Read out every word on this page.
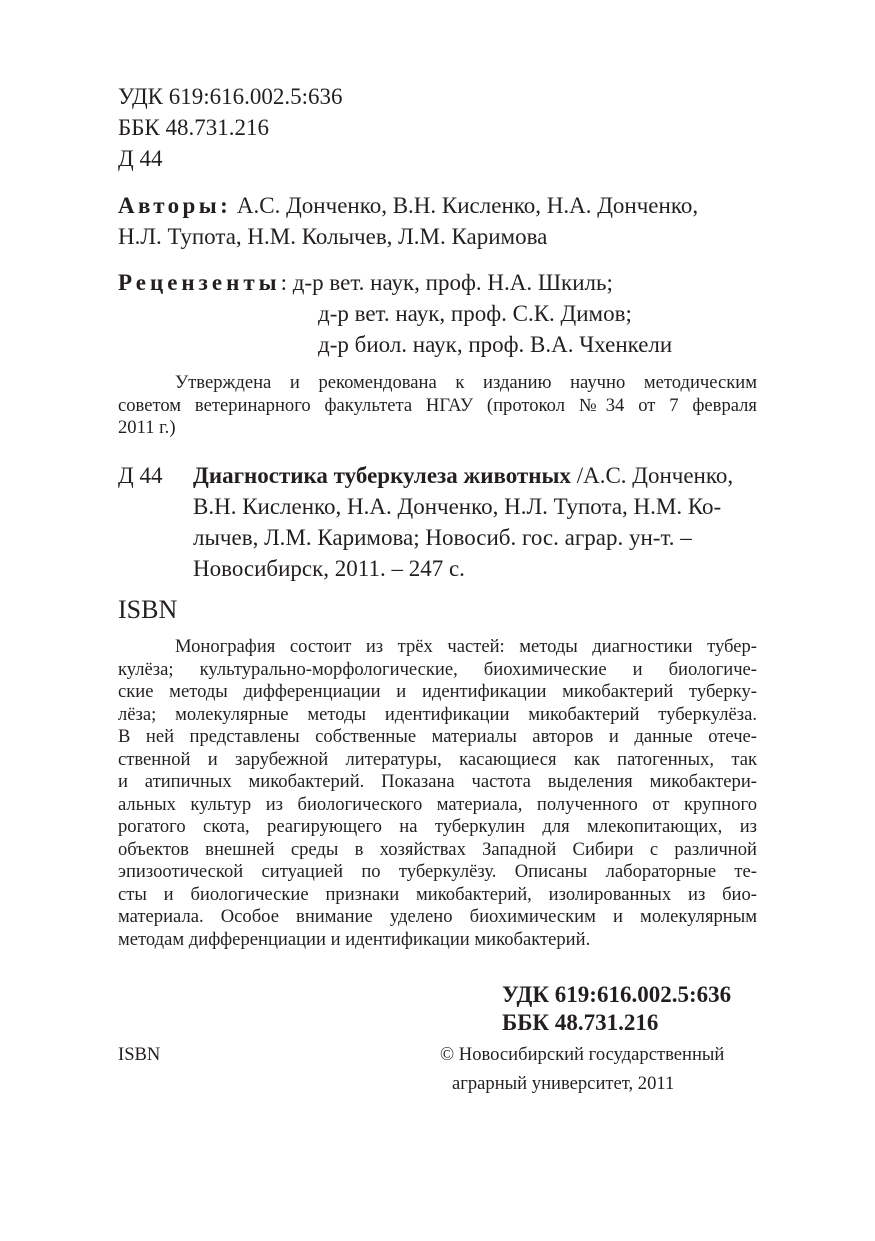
УДК 619:616.002.5:636
ББК 48.731.216
Д 44
Авторы: А.С. Донченко, В.Н. Кисленко, Н.А. Донченко,
Н.Л. Тупота, Н.М. Колычев, Л.М. Каримова
Рецензенты: д-р вет. наук, проф. Н.А. Шкиль;
д-р вет. наук, проф. С.К. Димов;
д-р биол. наук, проф. В.А. Чхенкели
Утверждена и рекомендована к изданию научно методическим
советом ветеринарного факультета НГАУ (протокол №34 от 7 февраля
2011 г.)
Д 44 Диагностика туберкулеза животных /А.С. Донченко,
В.Н. Кисленко, Н.А. Донченко, Н.Л. Тупота, Н.М. Ко-
лычев, Л.М. Каримова; Новосиб. гос. аграр. ун-т. –
Новосибирск, 2011. – 247 с.
ISBN
Монография состоит из трёх частей: методы диагностики тубер-
кулёза; культурально-морфологические, биохимические и биологиче-
ские методы дифференциации и идентификации микобактерий туберку-
лёза; молекулярные методы идентификации микобактерий туберкулёза.
В ней представлены собственные материалы авторов и данные отече-
ственной и зарубежной литературы, касающиеся как патогенных, так
и атипичных микобактерий. Показана частота выделения микобактери-
альных культур из биологического материала, полученного от крупного
рогатого скота, реагирующего на туберкулин для млекопитающих, из
объектов внешней среды в хозяйствах Западной Сибири с различной
эпизоотической ситуацией по туберкулёзу. Описаны лабораторные те-
сты и биологические признаки микобактерий, изолированных из био-
материала. Особое внимание уделено биохимическим и молекулярным
методам дифференциации и идентификации микобактерий.
УДК 619:616.002.5:636
ББК 48.731.216
ISBN	© Новосибирский государственный
аграрный университет, 2011
